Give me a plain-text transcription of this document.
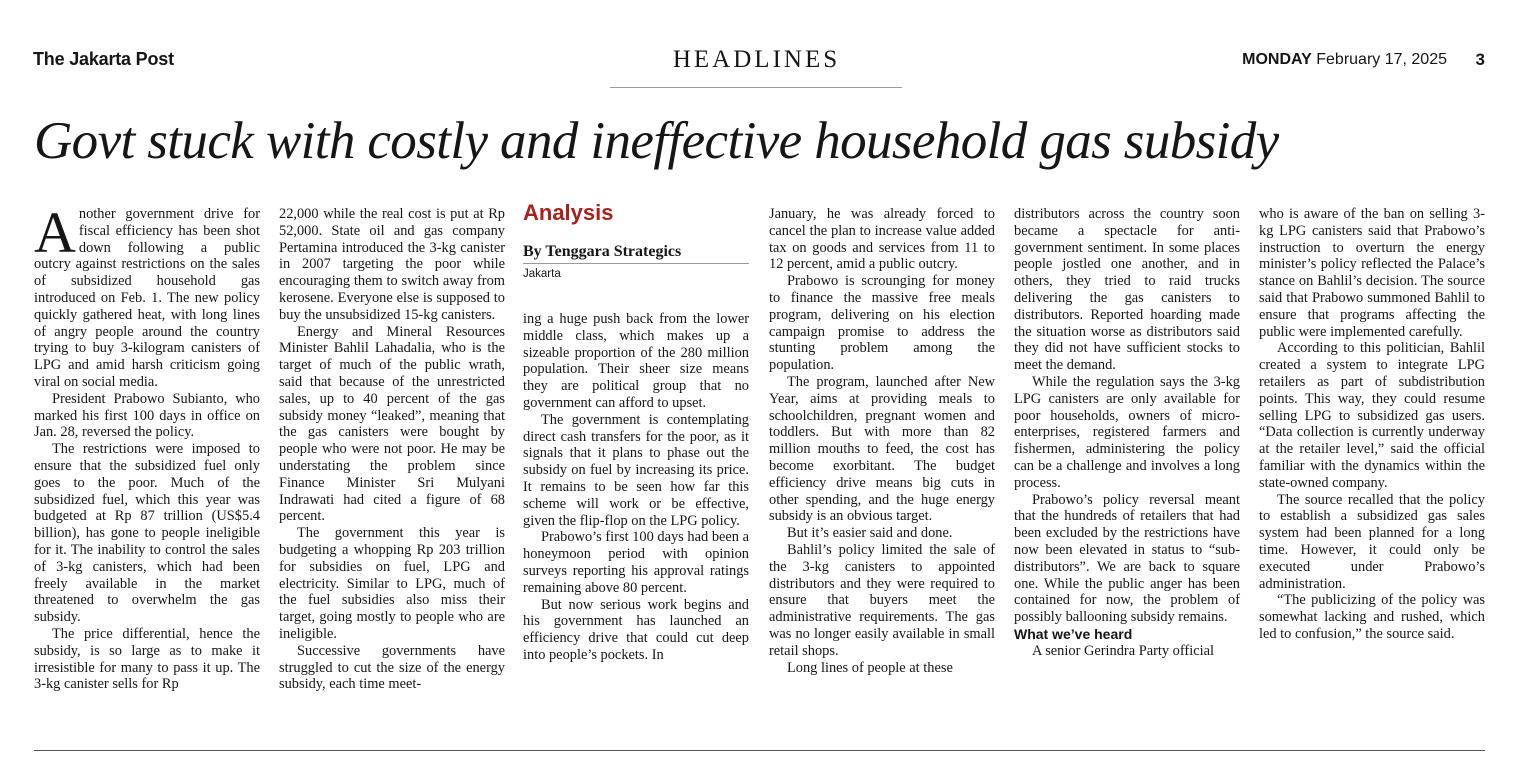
The Jakarta Post	HEADLINES	MONDAY February 17, 2025 3
Govt stuck with costly and ineffective household gas subsidy

Another government drive for fiscal efficiency has been shot down following a public outcry against restrictions on the sales of subsidized household gas introduced on Feb. 1. The new policy quickly gathered heat, with long lines of angry people around the country trying to buy 3-kilogram canisters of LPG and amid harsh criticism going viral on social media.

President Prabowo Subianto, who marked his first 100 days in office on Jan. 28, reversed the policy.

The restrictions were imposed to ensure that the subsidized fuel only goes to the poor. Much of the subsidized fuel, which this year was budgeted at Rp 87 trillion (US$5.4 billion), has gone to people ineligible for it. The inability to control the sales of 3-kg canisters, which had been freely available in the market threatened to overwhelm the gas subsidy.

The price differential, hence the subsidy, is so large as to make it irresistible for many to pass it up. The 3-kg canister sells for Rp

22,000 while the real cost is put at Rp 52,000. State oil and gas company Pertamina introduced the 3-kg canister in 2007 targeting the poor while encouraging them to switch away from kerosene. Everyone else is supposed to buy the unsubsidized 15-kg canisters.

Energy and Mineral Resources Minister Bahlil Lahadalia, who is the target of much of the public wrath, said that because of the unrestricted sales, up to 40 percent of the gas subsidy money “leaked”, meaning that the gas canisters were bought by people who were not poor. He may be understating the problem since Finance Minister Sri Mulyani Indrawati had cited a figure of 68 percent.

The government this year is budgeting a whopping Rp 203 trillion for subsidies on fuel, LPG and electricity. Similar to LPG, much of the fuel subsidies also miss their target, going mostly to people who are ineligible.

Successive governments have struggled to cut the size of the energy subsidy, each time meet-

Analysis
By Tenggara Strategics
Jakarta

ing a huge push back from the lower middle class, which makes up a sizeable proportion of the 280 million population. Their sheer size means they are political group that no government can afford to upset.

The government is contemplating direct cash transfers for the poor, as it signals that it plans to phase out the subsidy on fuel by increasing its price. It remains to be seen how far this scheme will work or be effective, given the flip-flop on the LPG policy.

Prabowo’s first 100 days had been a honeymoon period with opinion surveys reporting his approval ratings remaining above 80 percent.

But now serious work begins and his government has launched an efficiency drive that could cut deep into people’s pockets. In

January, he was already forced to cancel the plan to increase value added tax on goods and services from 11 to 12 percent, amid a public outcry.

Prabowo is scrounging for money to finance the massive free meals program, delivering on his election campaign promise to address the stunting problem among the population.

The program, launched after New Year, aims at providing meals to schoolchildren, pregnant women and toddlers. But with more than 82 million mouths to feed, the cost has become exorbitant. The budget efficiency drive means big cuts in other spending, and the huge energy subsidy is an obvious target.

But it’s easier said and done.

Bahlil’s policy limited the sale of the 3-kg canisters to appointed distributors and they were required to ensure that buyers meet the administrative requirements. The gas was no longer easily available in small retail shops.

Long lines of people at these

distributors across the country soon became a spectacle for anti-government sentiment. In some places people jostled one another, and in others, they tried to raid trucks delivering the gas canisters to distributors. Reported hoarding made the situation worse as distributors said they did not have sufficient stocks to meet the demand.

While the regulation says the 3-kg LPG canisters are only available for poor households, owners of micro-enterprises, registered farmers and fishermen, administering the policy can be a challenge and involves a long process.

Prabowo’s policy reversal meant that the hundreds of retailers that had been excluded by the restrictions have now been elevated in status to “sub-distributors”. We are back to square one. While the public anger has been contained for now, the problem of possibly ballooning subsidy remains.

What we’ve heard

A senior Gerindra Party official

who is aware of the ban on selling 3-kg LPG canisters said that Prabowo’s instruction to overturn the energy minister’s policy reflected the Palace’s stance on Bahlil’s decision. The source said that Prabowo summoned Bahlil to ensure that programs affecting the public were implemented carefully.

According to this politician, Bahlil created a system to integrate LPG retailers as part of subdistribution points. This way, they could resume selling LPG to subsidized gas users. “Data collection is currently underway at the retailer level,” said the official familiar with the dynamics within the state-owned company.

The source recalled that the policy to establish a subsidized gas sales system had been planned for a long time. However, it could only be executed under Prabowo’s administration.

“The publicizing of the policy was somewhat lacking and rushed, which led to confusion,” the source said.
